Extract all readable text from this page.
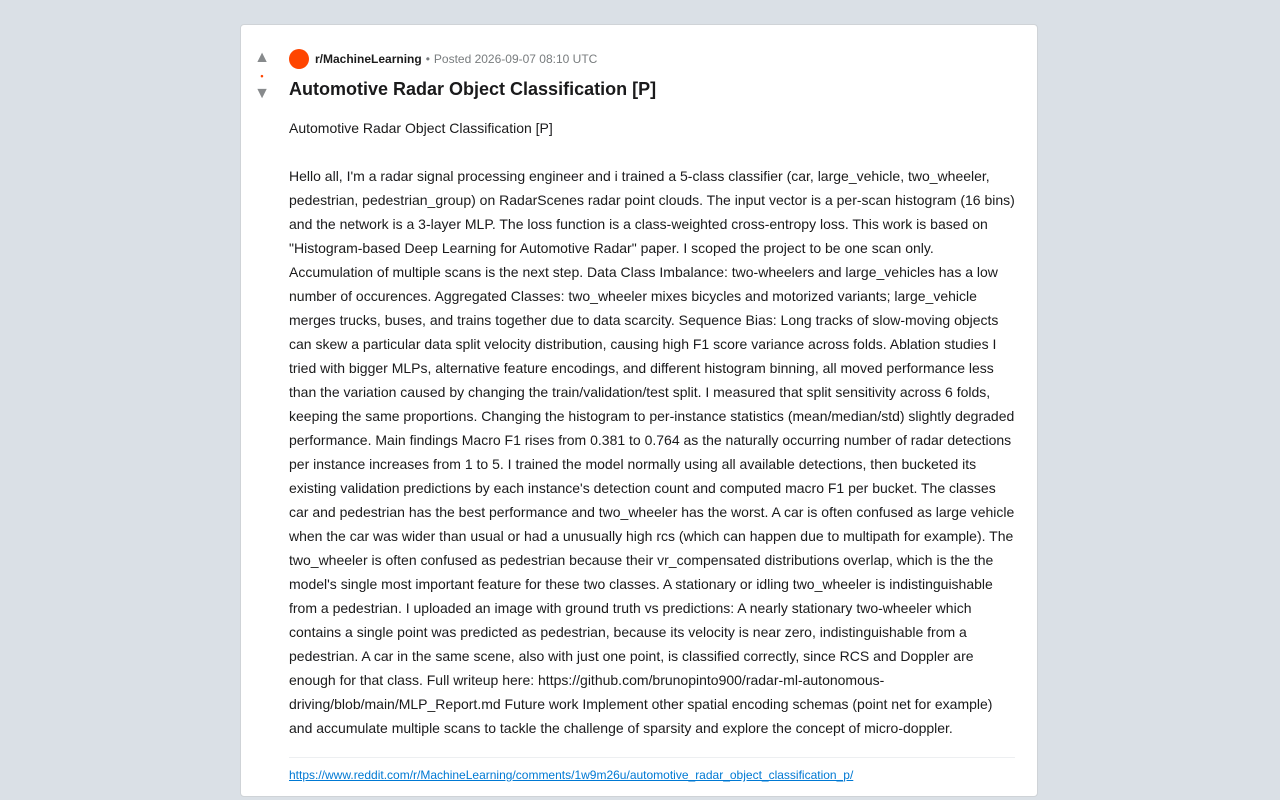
▲
•
▼
r/MachineLearning • Posted 2026-09-07 08:10 UTC
Automotive Radar Object Classification [P]

Automotive Radar Object Classification [P]

Hello all, I'm a radar signal processing engineer and i trained a 5-class classifier (car, large_vehicle, two_wheeler, pedestrian, pedestrian_group) on RadarScenes radar point clouds. The input vector is a per-scan histogram (16 bins) and the network is a 3-layer MLP. The loss function is a class-weighted cross-entropy loss. This work is based on "Histogram-based Deep Learning for Automotive Radar" paper. I scoped the project to be one scan only. Accumulation of multiple scans is the next step. Data Class Imbalance: two-wheelers and large_vehicles has a low number of occurences. Aggregated Classes: two_wheeler mixes bicycles and motorized variants; large_vehicle merges trucks, buses, and trains together due to data scarcity. Sequence Bias: Long tracks of slow-moving objects can skew a particular data split velocity distribution, causing high F1 score variance across folds. Ablation studies I tried with bigger MLPs, alternative feature encodings, and different histogram binning, all moved performance less than the variation caused by changing the train/validation/test split. I measured that split sensitivity across 6 folds, keeping the same proportions. Changing the histogram to per-instance statistics (mean/median/std) slightly degraded performance. Main findings Macro F1 rises from 0.381 to 0.764 as the naturally occurring number of radar detections per instance increases from 1 to 5. I trained the model normally using all available detections, then bucketed its existing validation predictions by each instance's detection count and computed macro F1 per bucket. The classes car and pedestrian has the best performance and two_wheeler has the worst. A car is often confused as large vehicle when the car was wider than usual or had a unusually high rcs (which can happen due to multipath for example). The two_wheeler is often confused as pedestrian because their vr_compensated distributions overlap, which is the the model's single most important feature for these two classes. A stationary or idling two_wheeler is indistinguishable from a pedestrian. I uploaded an image with ground truth vs predictions: A nearly stationary two-wheeler which contains a single point was predicted as pedestrian, because its velocity is near zero, indistinguishable from a pedestrian. A car in the same scene, also with just one point, is classified correctly, since RCS and Doppler are enough for that class. Full writeup here: https://github.com/brunopinto900/radar-ml-autonomous-driving/blob/main/MLP_Report.md Future work Implement other spatial encoding schemas (point net for example) and accumulate multiple scans to tackle the challenge of sparsity and explore the concept of micro-doppler.

https://www.reddit.com/r/MachineLearning/comments/1w9m26u/automotive_radar_object_classification_p/
